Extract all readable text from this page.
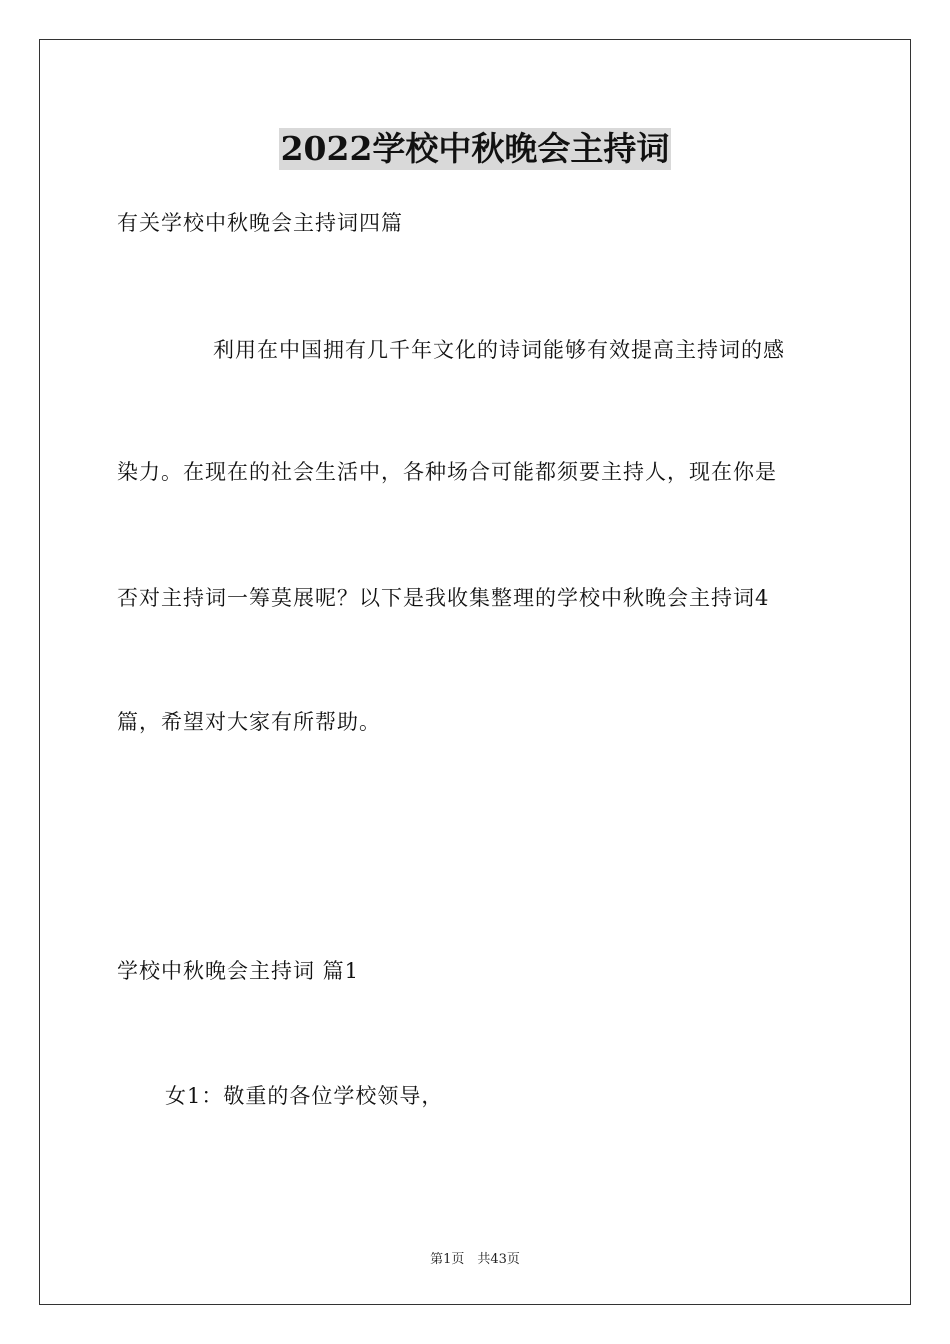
2022学校中秋晚会主持词
有关学校中秋晚会主持词四篇
利用在中国拥有几千年文化的诗词能够有效提高主持词的感
染力。在现在的社会生活中，各种场合可能都须要主持人，现在你是
否对主持词一筹莫展呢？以下是我收集整理的学校中秋晚会主持词4
篇，希望对大家有所帮助。
学校中秋晚会主持词 篇1
女1：敬重的各位学校领导，
第1页　共43页
